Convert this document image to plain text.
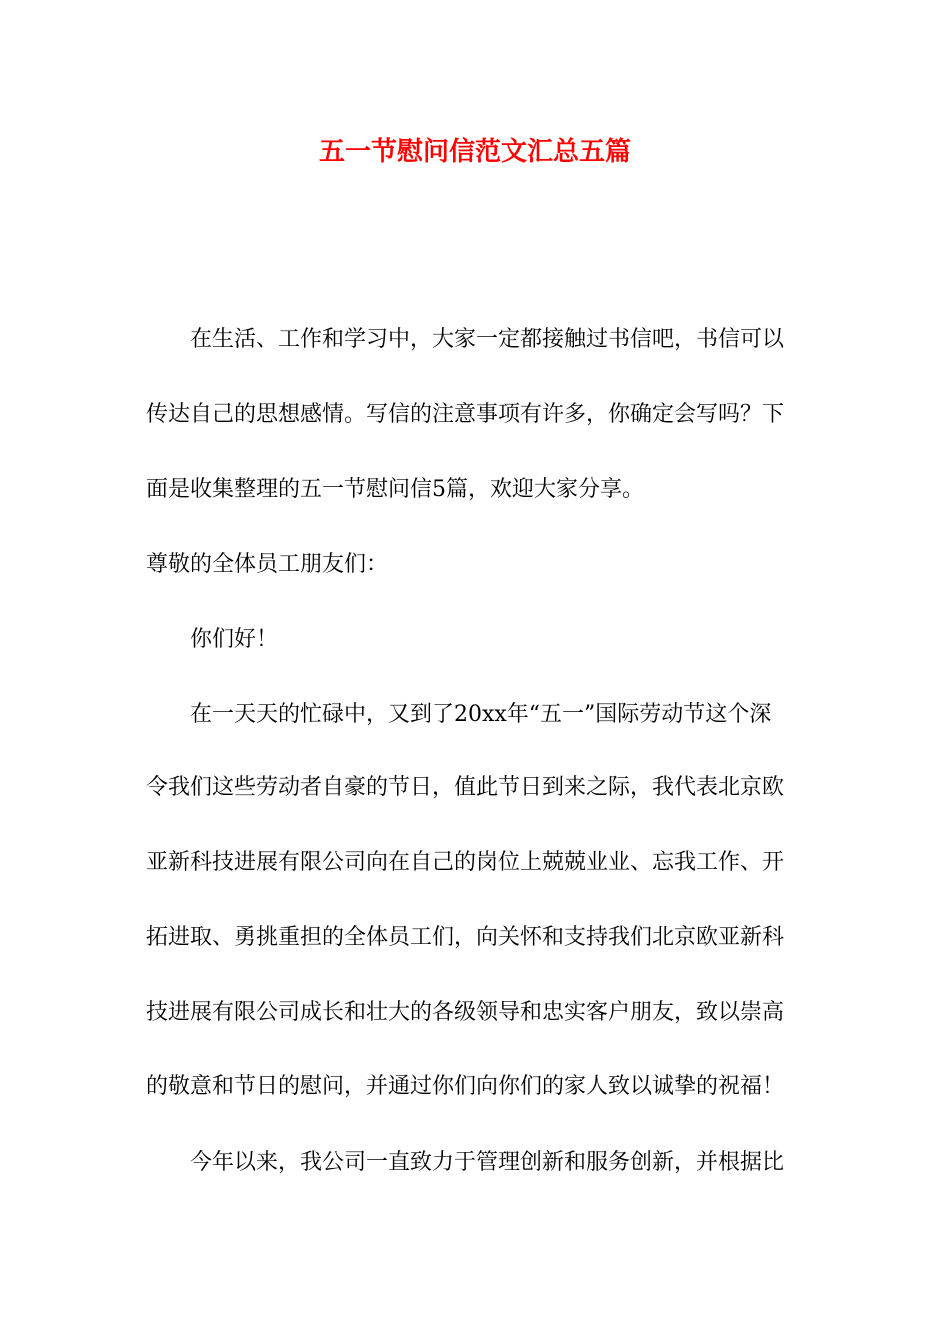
五一节慰问信范文汇总五篇
在生活、工作和学习中，大家一定都接触过书信吧，书信可以
传达自己的思想感情。写信的注意事项有许多，你确定会写吗？下
面是收集整理的五一节慰问信5篇，欢迎大家分享。
尊敬的全体员工朋友们：
你们好！
在一天天的忙碌中，又到了20xx年“五一”国际劳动节这个深
令我们这些劳动者自豪的节日，值此节日到来之际，我代表北京欧
亚新科技进展有限公司向在自己的岗位上兢兢业业、忘我工作、开
拓进取、勇挑重担的全体员工们，向关怀和支持我们北京欧亚新科
技进展有限公司成长和壮大的各级领导和忠实客户朋友，致以崇高
的敬意和节日的慰问，并通过你们向你们的家人致以诚挚的祝福！
今年以来，我公司一直致力于管理创新和服务创新，并根据比
